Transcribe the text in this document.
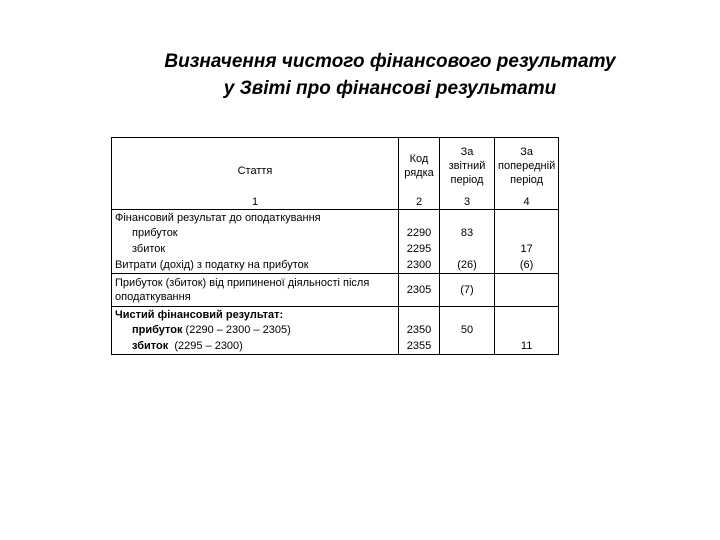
Визначення чистого фінансового результату
у Звіті про фінансові результати
Стаття	Код рядка	За звітний період	За попередній період
1	2	3	4
Фінансовий результат до оподаткування			
прибуток	2290	83	
збиток	2295		17
Витрати (дохід) з податку на прибуток	2300	(26)	(6)
Прибуток (збиток) від припиненої діяльності після оподаткування	2305	(7)	
Чистий фінансовий результат:			
прибуток (2290 – 2300 – 2305)	2350	50	
збиток  (2295 – 2300)	2355		11
